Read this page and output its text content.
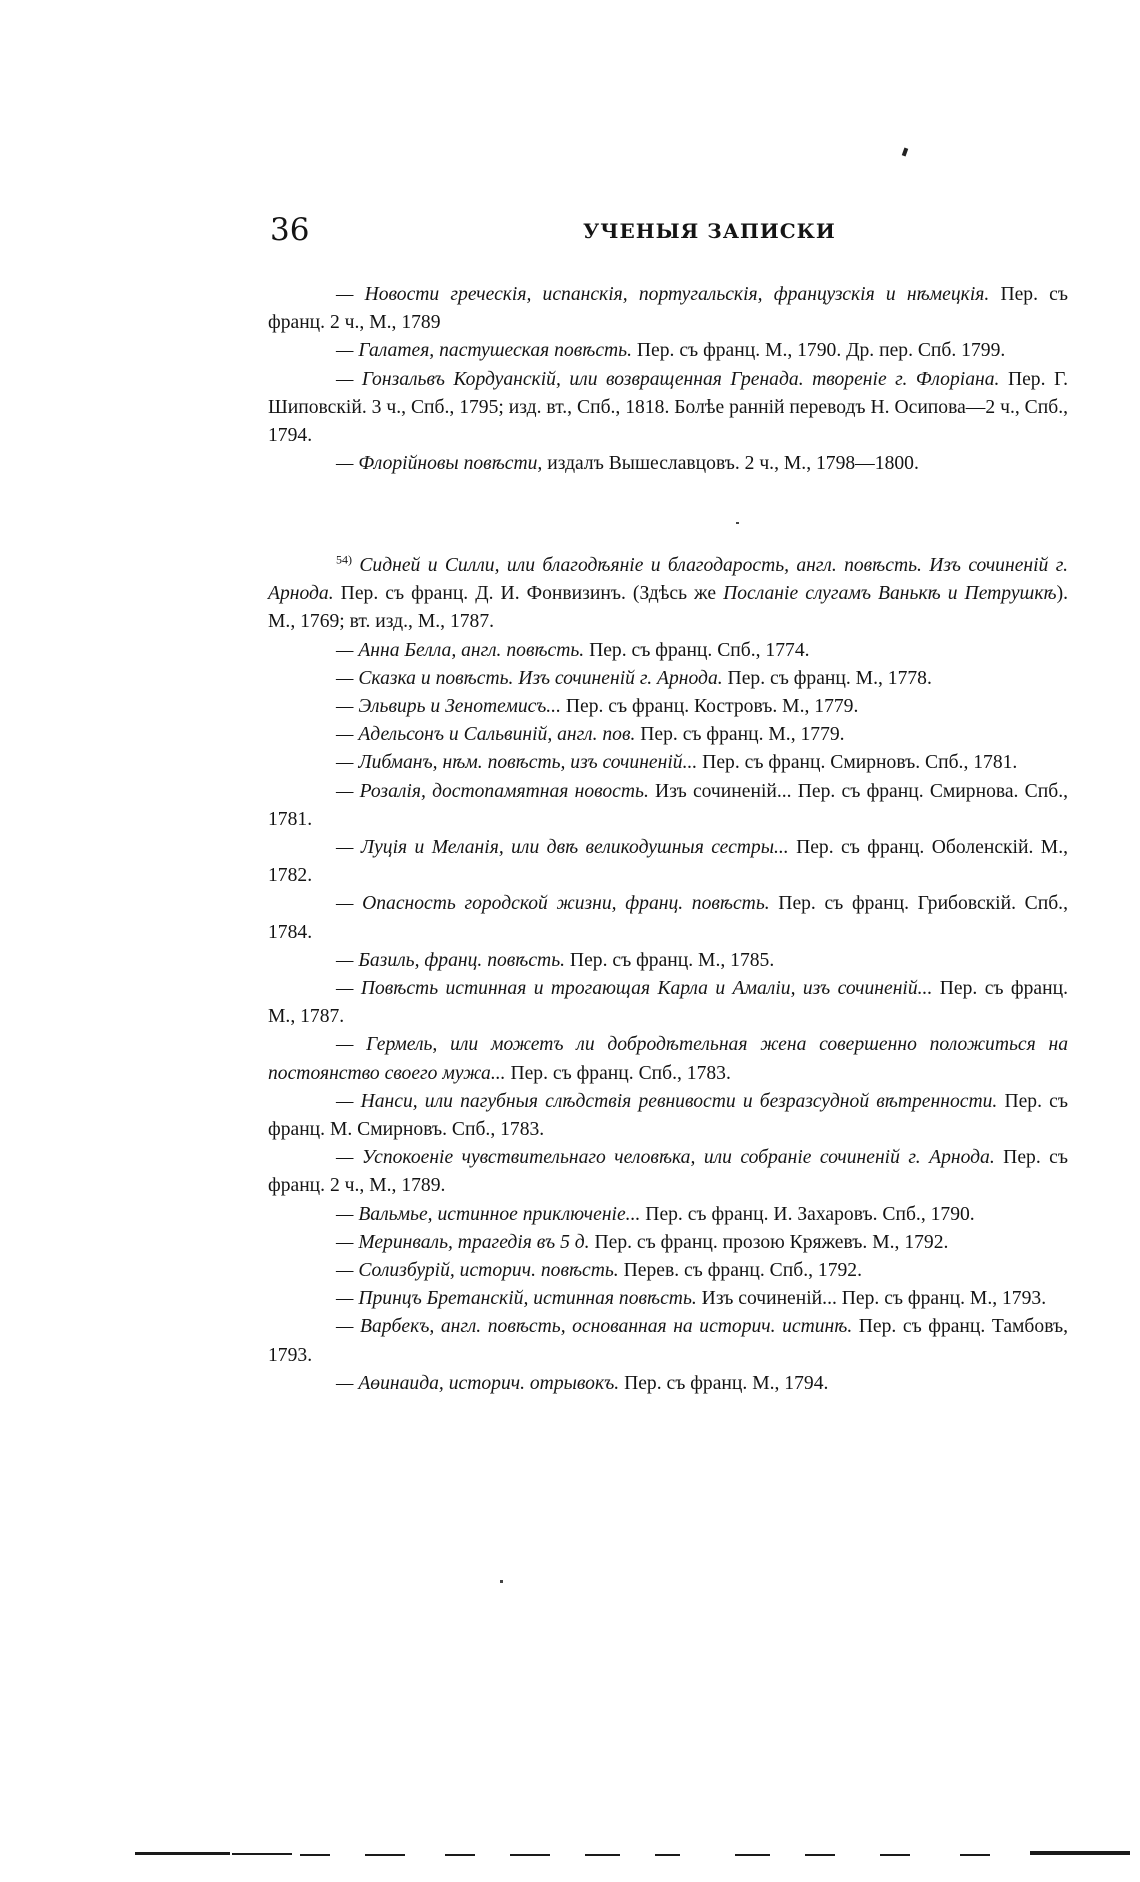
36	УЧЕНЫЯ ЗАПИСКИ

— Новости греческія, испанскія, португальскія, французскія и нѣмецкія. Пер. съ франц. 2 ч., М., 1789

— Галатея, пастушеская повѣсть. Пер. съ франц. М., 1790. Др. пер. Спб. 1799.

— Гонзальвъ Кордуанскій, или возвращенная Гренада. твореніе г. Флоріана. Пер. Г. Шиповскій. 3 ч., Спб., 1795; изд. вт., Спб., 1818. Болѣе ранній переводъ Н. Осипова—2 ч., Спб., 1794.

— Флорійновы повѣсти, издалъ Вышеславцовъ. 2 ч., М., 1798—1800.

$^{54)}$ Сидней и Силли, или благодѣяніе и благодарость, англ. повѣсть. Изъ сочиненій г. Арнода. Пер. съ франц. Д. И. Фонвизинъ. (Здѣсь же Посланіе слугамъ Ванькѣ и Петрушкѣ). М., 1769; вт. изд., М., 1787.

— Анна Белла, англ. повѣсть. Пер. съ франц. Спб., 1774.

— Сказка и повѣсть. Изъ сочиненій г. Арнода. Пер. съ франц. М., 1778.

— Эльвирь и Зенотемисъ... Пер. съ франц. Костровъ. М., 1779.

— Адельсонъ и Сальвиній, англ. пов. Пер. съ франц. М., 1779.

— Либманъ, нѣм. повѣсть, изъ сочиненій... Пер. съ франц. Смирновъ. Спб., 1781.

— Розалія, достопамятная новость. Изъ сочиненій... Пер. съ франц. Смирнова. Спб., 1781.

— Луція и Меланія, или двѣ великодушныя сестры... Пер. съ франц. Оболенскій. М., 1782.

— Опасность городской жизни, франц. повѣсть. Пер. съ франц. Грибовскій. Спб., 1784.

— Базиль, франц. повѣсть. Пер. съ франц. М., 1785.

— Повѣсть истинная и трогающая Карла и Амаліи, изъ сочиненій... Пер. съ франц. М., 1787.

— Гермель, или можетъ ли добродѣтельная жена совершенно положиться на постоянство своего мужа... Пер. съ франц. Спб., 1783.

— Нанси, или пагубныя слѣдствія ревнивости и безразсудной вѣтренности. Пер. съ франц. М. Смирновъ. Спб., 1783.

— Успокоеніе чувствительнаго человѣка, или собраніе сочиненій г. Арнода. Пер. съ франц. 2 ч., М., 1789.

— Вальмье, истинное приключеніе... Пер. съ франц. И. Захаровъ. Спб., 1790.

— Меринваль, трагедія въ 5 д. Пер. съ франц. прозою Кряжевъ. М., 1792.

— Солизбурій, историч. повѣсть. Перев. съ франц. Спб., 1792.

— Принцъ Бретанскій, истинная повѣсть. Изъ сочиненій... Пер. съ франц. М., 1793.

— Варбекъ, англ. повѣсть, основанная на историч. истинѣ. Пер. съ франц. Тамбовъ, 1793.

— Аөинаида, историч. отрывокъ. Пер. съ франц. М., 1794.
